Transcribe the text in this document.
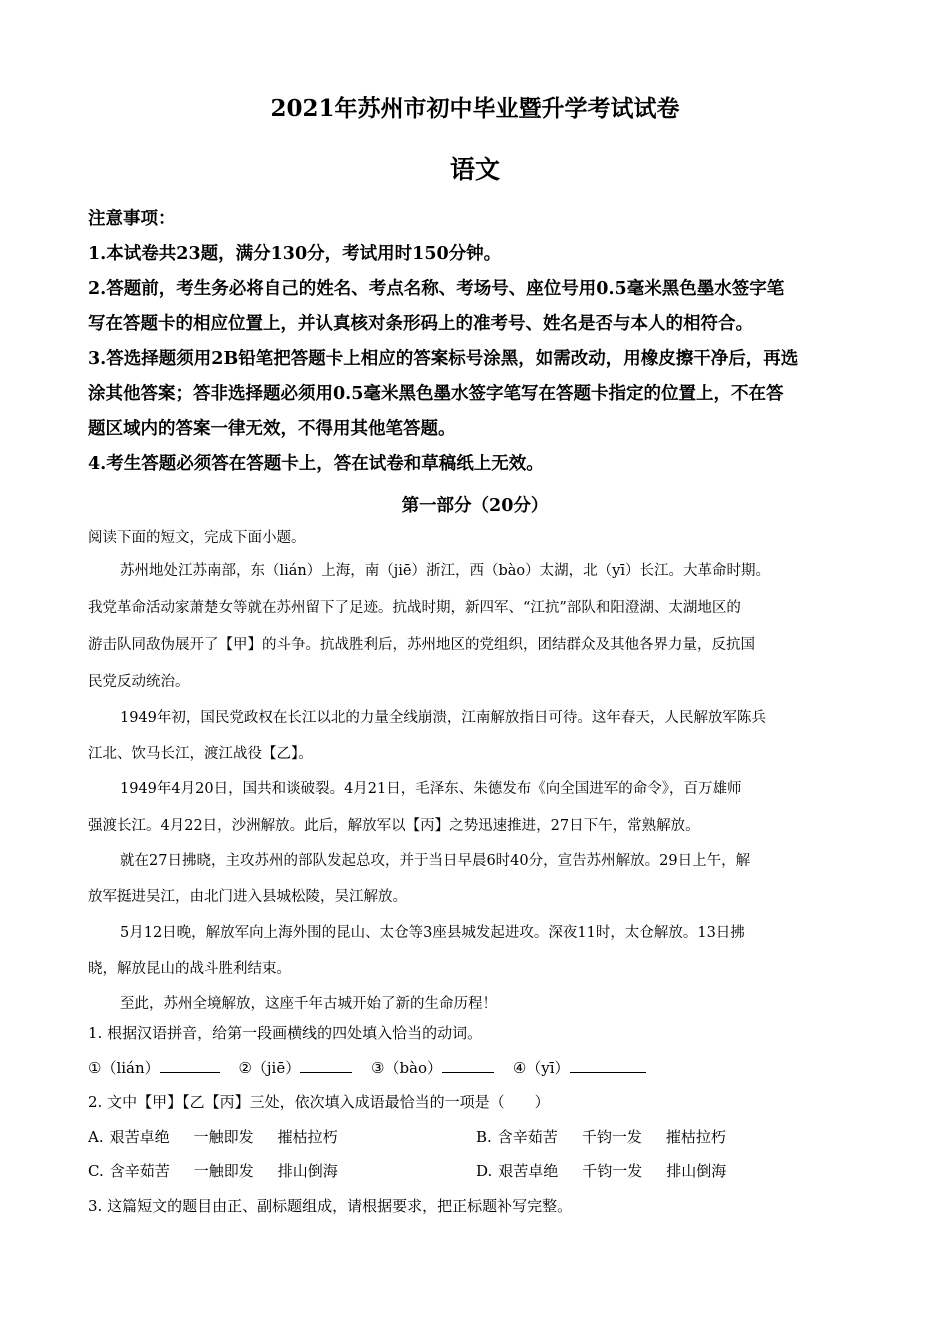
2021年苏州市初中毕业暨升学考试试卷
语文
注意事项：
1.本试卷共23题，满分130分，考试用时150分钟。
2.答题前，考生务必将自己的姓名、考点名称、考场号、座位号用0.5毫米黑色墨水签字笔
写在答题卡的相应位置上，并认真核对条形码上的准考号、姓名是否与本人的相符合。
3.答选择题须用2B铅笔把答题卡上相应的答案标号涂黑，如需改动，用橡皮擦干净后，再选
涂其他答案；答非选择题必须用0.5毫米黑色墨水签字笔写在答题卡指定的位置上，不在答
题区域内的答案一律无效，不得用其他笔答题。
4.考生答题必须答在答题卡上，答在试卷和草稿纸上无效。
第一部分（20分）
阅读下面的短文，完成下面小题。
苏州地处江苏南部，东（lián）上海，南（jiē）浙江，西（bào）太湖，北（yī）长江。大革命时期。
我党革命活动家萧楚女等就在苏州留下了足迹。抗战时期，新四军、“江抗”部队和阳澄湖、太湖地区的
游击队同敌伪展开了【甲】的斗争。抗战胜利后，苏州地区的党组织，团结群众及其他各界力量，反抗国
民党反动统治。
1949年初，国民党政权在长江以北的力量全线崩溃，江南解放指日可待。这年春天，人民解放军陈兵
江北、饮马长江，渡江战役【乙】。
1949年4月20日，国共和谈破裂。4月21日，毛泽东、朱德发布《向全国进军的命令》，百万雄师
强渡长江。4月22日，沙洲解放。此后，解放军以【丙】之势迅速推进，27日下午，常熟解放。
就在27日拂晓，主攻苏州的部队发起总攻，并于当日早晨6时40分，宣告苏州解放。29日上午，解
放军挺进吴江，由北门进入县城松陵，吴江解放。
5月12日晚，解放军向上海外围的昆山、太仓等3座县城发起进攻。深夜11时，太仓解放。13日拂
晓，解放昆山的战斗胜利结束。
至此，苏州全境解放，这座千年古城开始了新的生命历程！
1. 根据汉语拼音，给第一段画横线的四处填入恰当的动词。
①（lián）	②（jiē）	③（bào）	④（yī）
2. 文中【甲】【乙【丙】三处，依次填入成语最恰当的一项是（　　）
A. 艰苦卓绝 一触即发 摧枯拉朽	B. 含辛茹苦 千钧一发 摧枯拉朽
C. 含辛茹苦 一触即发 排山倒海	D. 艰苦卓绝 千钧一发 排山倒海
3. 这篇短文的题目由正、副标题组成，请根据要求，把正标题补写完整。
